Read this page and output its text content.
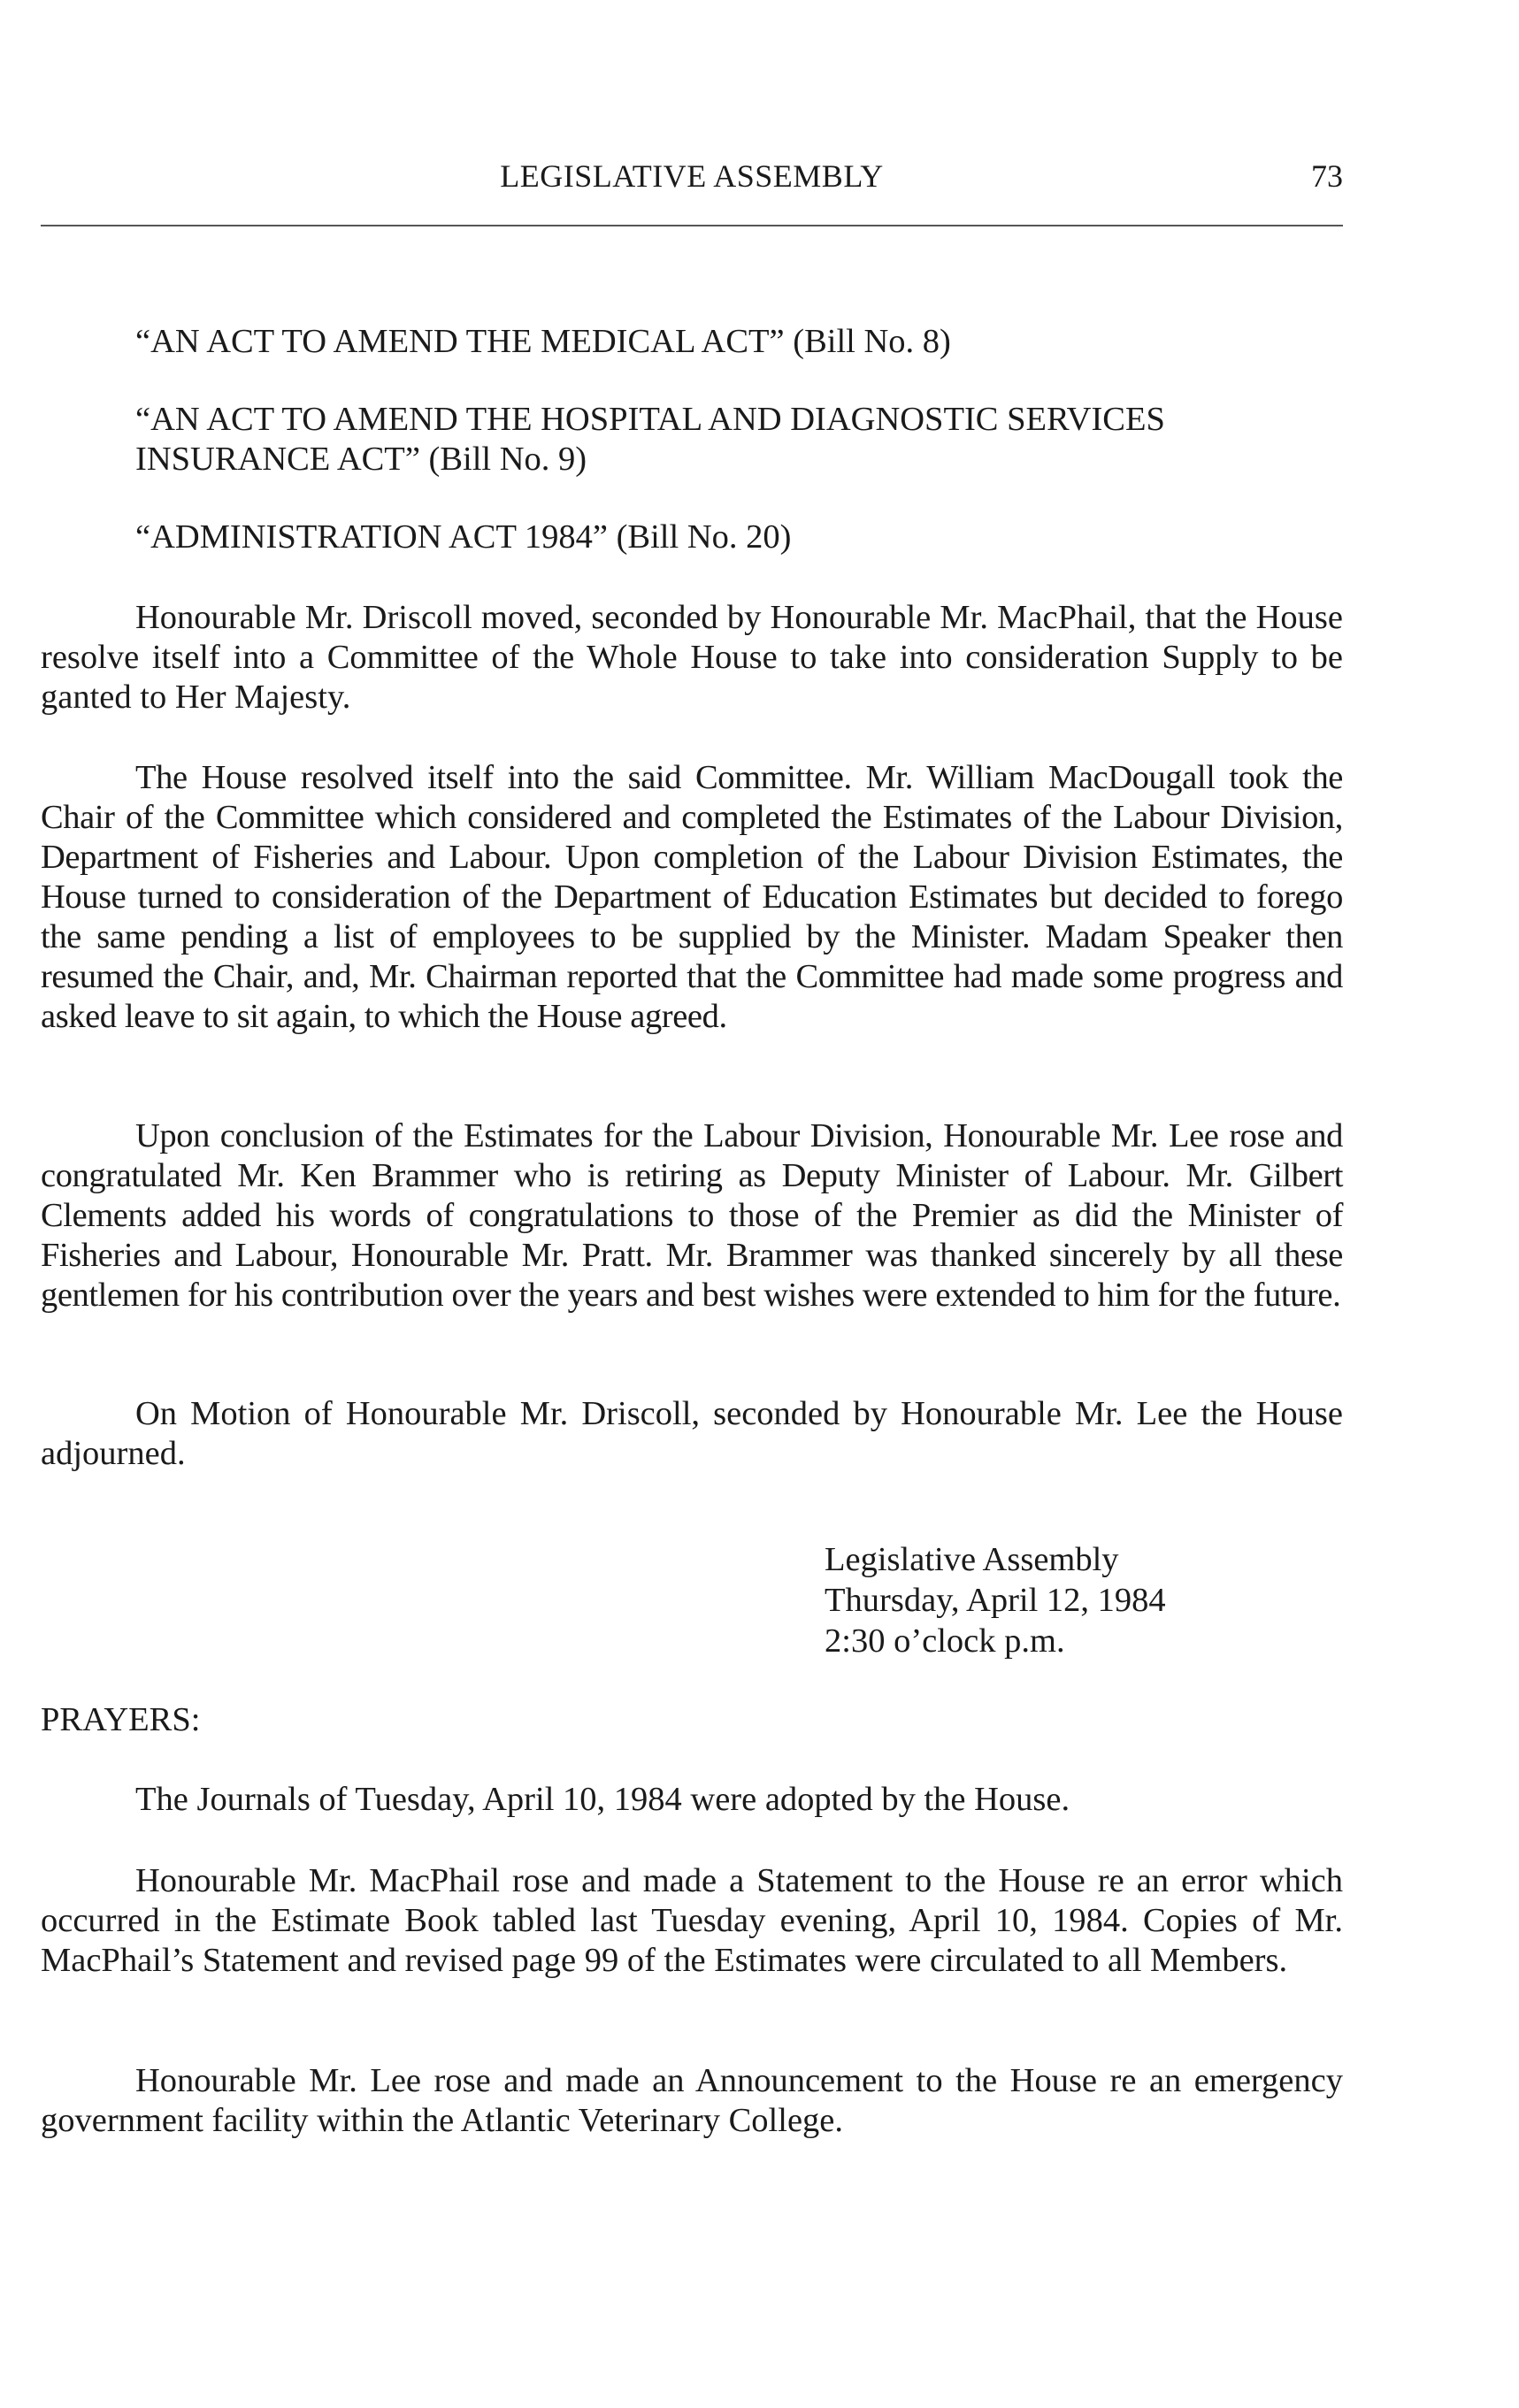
LEGISLATIVE ASSEMBLY	73
“AN ACT TO AMEND THE MEDICAL ACT” (Bill No. 8)
“AN ACT TO AMEND THE HOSPITAL AND DIAGNOSTIC SERVICES INSURANCE ACT” (Bill No. 9)
“ADMINISTRATION ACT 1984” (Bill No. 20)

Honourable Mr. Driscoll moved, seconded by Honourable Mr. MacPhail, that the House resolve itself into a Committee of the Whole House to take into consideration Supply to be ganted to Her Majesty.

The House resolved itself into the said Committee. Mr. William MacDougall took the Chair of the Committee which considered and completed the Estimates of the Labour Division, Department of Fisheries and Labour. Upon completion of the Labour Division Estimates, the House turned to consideration of the Department of Education Estimates but decided to forego the same pending a list of employees to be supplied by the Minister. Madam Speaker then resumed the Chair, and, Mr. Chairman reported that the Committee had made some progress and asked leave to sit again, to which the House agreed.

Upon conclusion of the Estimates for the Labour Division, Honourable Mr. Lee rose and congratulated Mr. Ken Brammer who is retiring as Deputy Minister of Labour. Mr. Gilbert Clements added his words of congratulations to those of the Premier as did the Minister of Fisheries and Labour, Honourable Mr. Pratt. Mr. Brammer was thanked sincerely by all these gentlemen for his contribution over the years and best wishes were extended to him for the future.

On Motion of Honourable Mr. Driscoll, seconded by Honourable Mr. Lee the House adjourned.

Legislative Assembly
Thursday, April 12, 1984
2:30 o’clock p.m.
PRAYERS:

The Journals of Tuesday, April 10, 1984 were adopted by the House.

Honourable Mr. MacPhail rose and made a Statement to the House re an error which occurred in the Estimate Book tabled last Tuesday evening, April 10, 1984. Copies of Mr. MacPhail’s Statement and revised page 99 of the Estimates were circulated to all Members.

Honourable Mr. Lee rose and made an Announcement to the House re an emergency government facility within the Atlantic Veterinary College.
